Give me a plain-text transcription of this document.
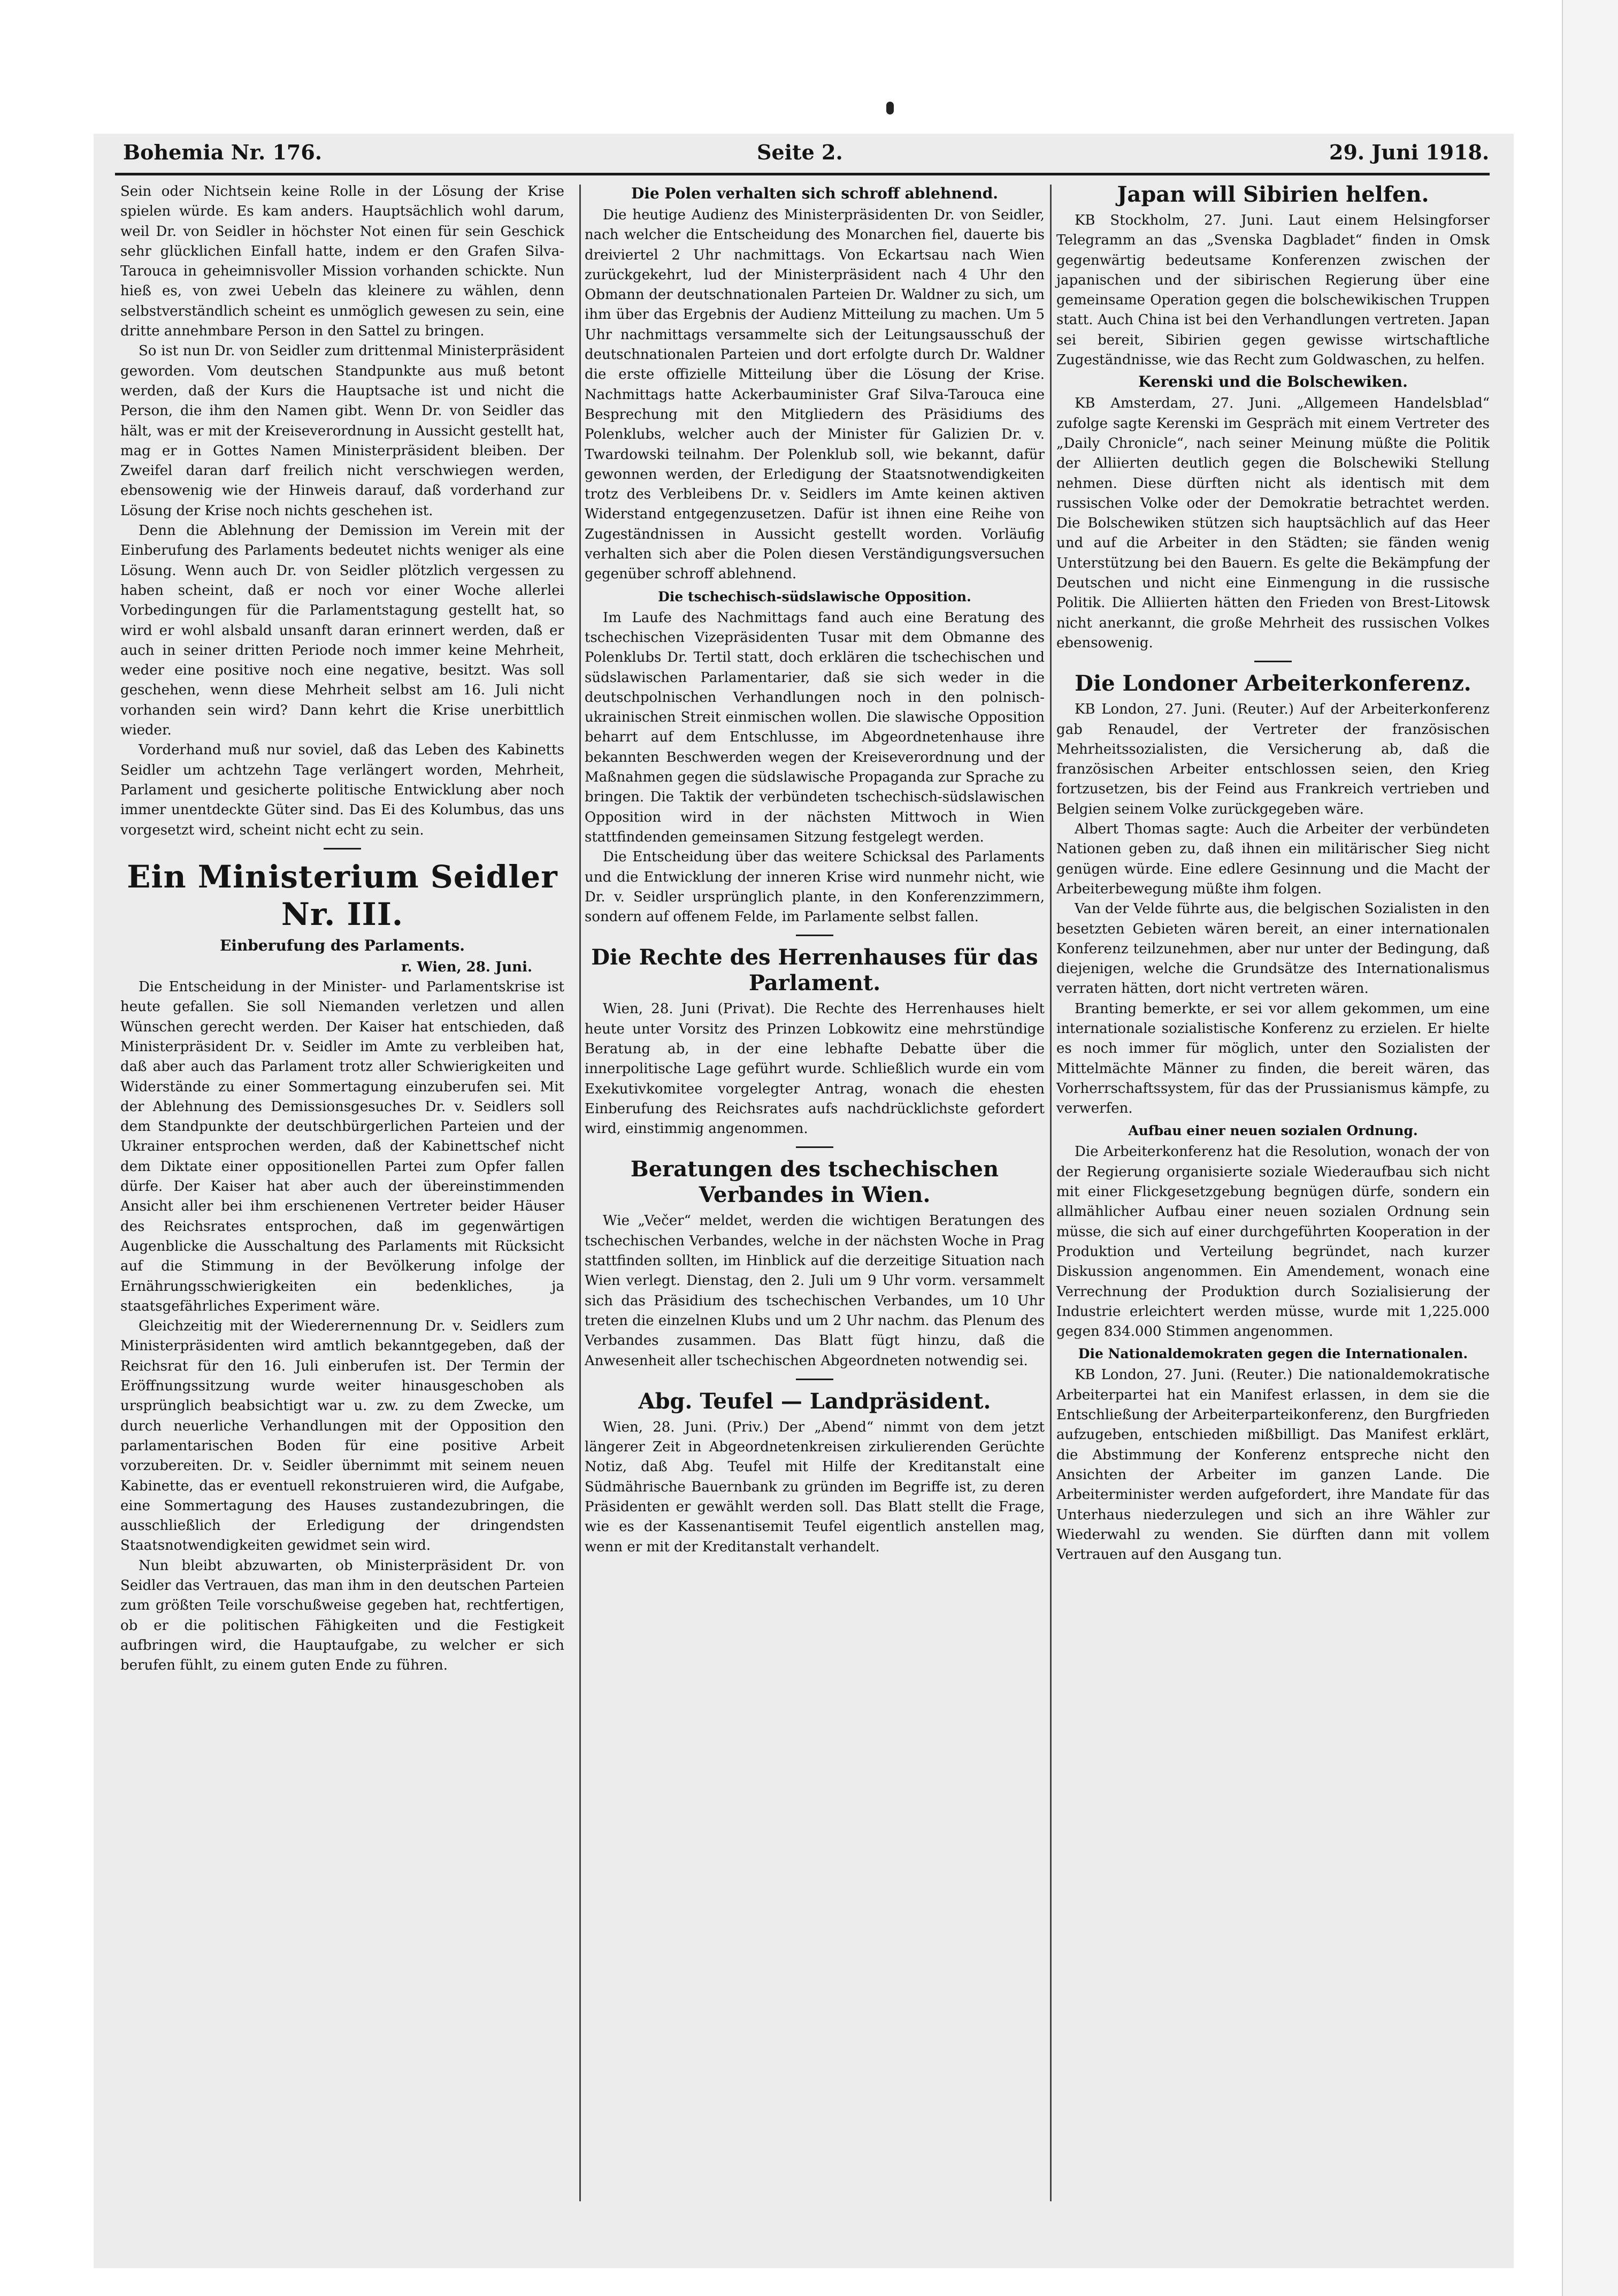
Bohemia Nr. 176.	Seite 2.	29. Juni 1918.

Sein oder Nichtsein keine Rolle in der Lösung der Krise spielen würde. Es kam anders. Hauptsächlich wohl darum, weil Dr. von Seidler in höchster Not einen für sein Geschick sehr glücklichen Einfall hatte, indem er den Grafen Silva-Tarouca in geheimnisvoller Mission vorhanden schickte. Nun hieß es, von zwei Uebeln das kleinere zu wählen, denn selbstverständlich scheint es unmöglich gewesen zu sein, eine dritte annehmbare Person in den Sattel zu bringen.

So ist nun Dr. von Seidler zum drittenmal Ministerpräsident geworden. Vom deutschen Standpunkte aus muß betont werden, daß der Kurs die Hauptsache ist und nicht die Person, die ihm den Namen gibt. Wenn Dr. von Seidler das hält, was er mit der Kreiseverordnung in Aussicht gestellt hat, mag er in Gottes Namen Ministerpräsident bleiben. Der Zweifel daran darf freilich nicht verschwiegen werden, ebensowenig wie der Hinweis darauf, daß vorderhand zur Lösung der Krise noch nichts geschehen ist.

Denn die Ablehnung der Demission im Verein mit der Einberufung des Parlaments bedeutet nichts weniger als eine Lösung. Wenn auch Dr. von Seidler plötzlich vergessen zu haben scheint, daß er noch vor einer Woche allerlei Vorbedingungen für die Parlamentstagung gestellt hat, so wird er wohl alsbald unsanft daran erinnert werden, daß er auch in seiner dritten Periode noch immer keine Mehrheit, weder eine positive noch eine negative, besitzt. Was soll geschehen, wenn diese Mehrheit selbst am 16. Juli nicht vorhanden sein wird? Dann kehrt die Krise unerbittlich wieder.

Vorderhand muß nur soviel, daß das Leben des Kabinetts Seidler um achtzehn Tage verlängert worden, Mehrheit, Parlament und gesicherte politische Entwicklung aber noch immer unentdeckte Güter sind. Das Ei des Kolumbus, das uns vorgesetzt wird, scheint nicht echt zu sein.

Ein Ministerium Seidler Nr. III.
Einberufung des Parlaments.

r. Wien, 28. Juni.

Die Entscheidung in der Minister- und Parlamentskrise ist heute gefallen. Sie soll Niemanden verletzen und allen Wünschen gerecht werden. Der Kaiser hat entschieden, daß Ministerpräsident Dr. v. Seidler im Amte zu verbleiben hat, daß aber auch das Parlament trotz aller Schwierigkeiten und Widerstände zu einer Sommertagung einzuberufen sei. Mit der Ablehnung des Demissionsgesuches Dr. v. Seidlers soll dem Standpunkte der deutschbürgerlichen Parteien und der Ukrainer entsprochen werden, daß der Kabinettschef nicht dem Diktate einer oppositionellen Partei zum Opfer fallen dürfe. Der Kaiser hat aber auch der übereinstimmenden Ansicht aller bei ihm erschienenen Vertreter beider Häuser des Reichsrates entsprochen, daß im gegenwärtigen Augenblicke die Ausschaltung des Parlaments mit Rücksicht auf die Stimmung in der Bevölkerung infolge der Ernährungsschwierigkeiten ein bedenkliches, ja staatsgefährliches Experiment wäre.

Gleichzeitig mit der Wiederernennung Dr. v. Seidlers zum Ministerpräsidenten wird amtlich bekanntgegeben, daß der Reichsrat für den 16. Juli einberufen ist. Der Termin der Eröffnungssitzung wurde weiter hinausgeschoben als ursprünglich beabsichtigt war u. zw. zu dem Zwecke, um durch neuerliche Verhandlungen mit der Opposition den parlamentarischen Boden für eine positive Arbeit vorzubereiten. Dr. v. Seidler übernimmt mit seinem neuen Kabinette, das er eventuell rekonstruieren wird, die Aufgabe, eine Sommertagung des Hauses zustandezubringen, die ausschließlich der Erledigung der dringendsten Staatsnotwendigkeiten gewidmet sein wird.

Nun bleibt abzuwarten, ob Ministerpräsident Dr. von Seidler das Vertrauen, das man ihm in den deutschen Parteien zum größten Teile vorschußweise gegeben hat, rechtfertigen, ob er die politischen Fähigkeiten und die Festigkeit aufbringen wird, die Hauptaufgabe, zu welcher er sich berufen fühlt, zu einem guten Ende zu führen.

Die Polen verhalten sich schroff ablehnend.

Die heutige Audienz des Ministerpräsidenten Dr. von Seidler, nach welcher die Entscheidung des Monarchen fiel, dauerte bis dreiviertel 2 Uhr nachmittags. Von Eckartsau nach Wien zurückgekehrt, lud der Ministerpräsident nach 4 Uhr den Obmann der deutschnationalen Parteien Dr. Waldner zu sich, um ihm über das Ergebnis der Audienz Mitteilung zu machen. Um 5 Uhr nachmittags versammelte sich der Leitungsausschuß der deutschnationalen Parteien und dort erfolgte durch Dr. Waldner die erste offizielle Mitteilung über die Lösung der Krise. Nachmittags hatte Ackerbauminister Graf Silva-Tarouca eine Besprechung mit den Mitgliedern des Präsidiums des Polenklubs, welcher auch der Minister für Galizien Dr. v. Twardowski teilnahm. Der Polenklub soll, wie bekannt, dafür gewonnen werden, der Erledigung der Staatsnotwendigkeiten trotz des Verbleibens Dr. v. Seidlers im Amte keinen aktiven Widerstand entgegenzusetzen. Dafür ist ihnen eine Reihe von Zugeständnissen in Aussicht gestellt worden. Vorläufig verhalten sich aber die Polen diesen Verständigungsversuchen gegenüber schroff ablehnend.

Die tschechisch-südslawische Opposition.

Im Laufe des Nachmittags fand auch eine Beratung des tschechischen Vizepräsidenten Tusar mit dem Obmanne des Polenklubs Dr. Tertil statt, doch erklären die tschechischen und südslawischen Parlamentarier, daß sie sich weder in die deutschpolnischen Verhandlungen noch in den polnisch-ukrainischen Streit einmischen wollen. Die slawische Opposition beharrt auf dem Entschlusse, im Abgeordnetenhause ihre bekannten Beschwerden wegen der Kreiseverordnung und der Maßnahmen gegen die südslawische Propaganda zur Sprache zu bringen. Die Taktik der verbündeten tschechisch-südslawischen Opposition wird in der nächsten Mittwoch in Wien stattfindenden gemeinsamen Sitzung festgelegt werden.

Die Entscheidung über das weitere Schicksal des Parlaments und die Entwicklung der inneren Krise wird nunmehr nicht, wie Dr. v. Seidler ursprünglich plante, in den Konferenzzimmern, sondern auf offenem Felde, im Parlamente selbst fallen.

Die Rechte des Herrenhauses für das Parlament.

Wien, 28. Juni (Privat). Die Rechte des Herrenhauses hielt heute unter Vorsitz des Prinzen Lobkowitz eine mehrstündige Beratung ab, in der eine lebhafte Debatte über die innerpolitische Lage geführt wurde. Schließlich wurde ein vom Exekutivkomitee vorgelegter Antrag, wonach die ehesten Einberufung des Reichsrates aufs nachdrücklichste gefordert wird, einstimmig angenommen.

Beratungen des tschechischen Verbandes in Wien.

Wie „Večer“ meldet, werden die wichtigen Beratungen des tschechischen Verbandes, welche in der nächsten Woche in Prag stattfinden sollten, im Hinblick auf die derzeitige Situation nach Wien verlegt. Dienstag, den 2. Juli um 9 Uhr vorm. versammelt sich das Präsidium des tschechischen Verbandes, um 10 Uhr treten die einzelnen Klubs und um 2 Uhr nachm. das Plenum des Verbandes zusammen. Das Blatt fügt hinzu, daß die Anwesenheit aller tschechischen Abgeordneten notwendig sei.

Abg. Teufel — Landpräsident.

Wien, 28. Juni. (Priv.) Der „Abend“ nimmt von dem jetzt längerer Zeit in Abgeordnetenkreisen zirkulierenden Gerüchte Notiz, daß Abg. Teufel mit Hilfe der Kreditanstalt eine Südmährische Bauernbank zu gründen im Begriffe ist, zu deren Präsidenten er gewählt werden soll. Das Blatt stellt die Frage, wie es der Kassenantisemit Teufel eigentlich anstellen mag, wenn er mit der Kreditanstalt verhandelt.

Japan will Sibirien helfen.

KB Stockholm, 27. Juni. Laut einem Helsingforser Telegramm an das „Svenska Dagbladet“ finden in Omsk gegenwärtig bedeutsame Konferenzen zwischen der japanischen und der sibirischen Regierung über eine gemeinsame Operation gegen die bolschewikischen Truppen statt. Auch China ist bei den Verhandlungen vertreten. Japan sei bereit, Sibirien gegen gewisse wirtschaftliche Zugeständnisse, wie das Recht zum Goldwaschen, zu helfen.

Kerenski und die Bolschewiken.

KB Amsterdam, 27. Juni. „Allgemeen Handelsblad“ zufolge sagte Kerenski im Gespräch mit einem Vertreter des „Daily Chronicle“, nach seiner Meinung müßte die Politik der Alliierten deutlich gegen die Bolschewiki Stellung nehmen. Diese dürften nicht als identisch mit dem russischen Volke oder der Demokratie betrachtet werden. Die Bolschewiken stützen sich hauptsächlich auf das Heer und auf die Arbeiter in den Städten; sie fänden wenig Unterstützung bei den Bauern. Es gelte die Bekämpfung der Deutschen und nicht eine Einmengung in die russische Politik. Die Alliierten hätten den Frieden von Brest-Litowsk nicht anerkannt, die große Mehrheit des russischen Volkes ebensowenig.

Die Londoner Arbeiterkonferenz.

KB London, 27. Juni. (Reuter.) Auf der Arbeiterkonferenz gab Renaudel, der Vertreter der französischen Mehrheitssozialisten, die Versicherung ab, daß die französischen Arbeiter entschlossen seien, den Krieg fortzusetzen, bis der Feind aus Frankreich vertrieben und Belgien seinem Volke zurückgegeben wäre.

Albert Thomas sagte: Auch die Arbeiter der verbündeten Nationen geben zu, daß ihnen ein militärischer Sieg nicht genügen würde. Eine edlere Gesinnung und die Macht der Arbeiterbewegung müßte ihm folgen.

Van der Velde führte aus, die belgischen Sozialisten in den besetzten Gebieten wären bereit, an einer internationalen Konferenz teilzunehmen, aber nur unter der Bedingung, daß diejenigen, welche die Grundsätze des Internationalismus verraten hätten, dort nicht vertreten wären.

Branting bemerkte, er sei vor allem gekommen, um eine internationale sozialistische Konferenz zu erzielen. Er hielte es noch immer für möglich, unter den Sozialisten der Mittelmächte Männer zu finden, die bereit wären, das Vorherrschaftssystem, für das der Prussianismus kämpfe, zu verwerfen.

Aufbau einer neuen sozialen Ordnung.

Die Arbeiterkonferenz hat die Resolution, wonach der von der Regierung organisierte soziale Wiederaufbau sich nicht mit einer Flickgesetzgebung begnügen dürfe, sondern ein allmählicher Aufbau einer neuen sozialen Ordnung sein müsse, die sich auf einer durchgeführten Kooperation in der Produktion und Verteilung begründet, nach kurzer Diskussion angenommen. Ein Amendement, wonach eine Verrechnung der Produktion durch Sozialisierung der Industrie erleichtert werden müsse, wurde mit 1,225.000 gegen 834.000 Stimmen angenommen.

Die Nationaldemokraten gegen die Internationalen.

KB London, 27. Juni. (Reuter.) Die nationaldemokratische Arbeiterpartei hat ein Manifest erlassen, in dem sie die Entschließung der Arbeiterparteikonferenz, den Burgfrieden aufzugeben, entschieden mißbilligt. Das Manifest erklärt, die Abstimmung der Konferenz entspreche nicht den Ansichten der Arbeiter im ganzen Lande. Die Arbeiterminister werden aufgefordert, ihre Mandate für das Unterhaus niederzulegen und sich an ihre Wähler zur Wiederwahl zu wenden. Sie dürften dann mit vollem Vertrauen auf den Ausgang tun.
